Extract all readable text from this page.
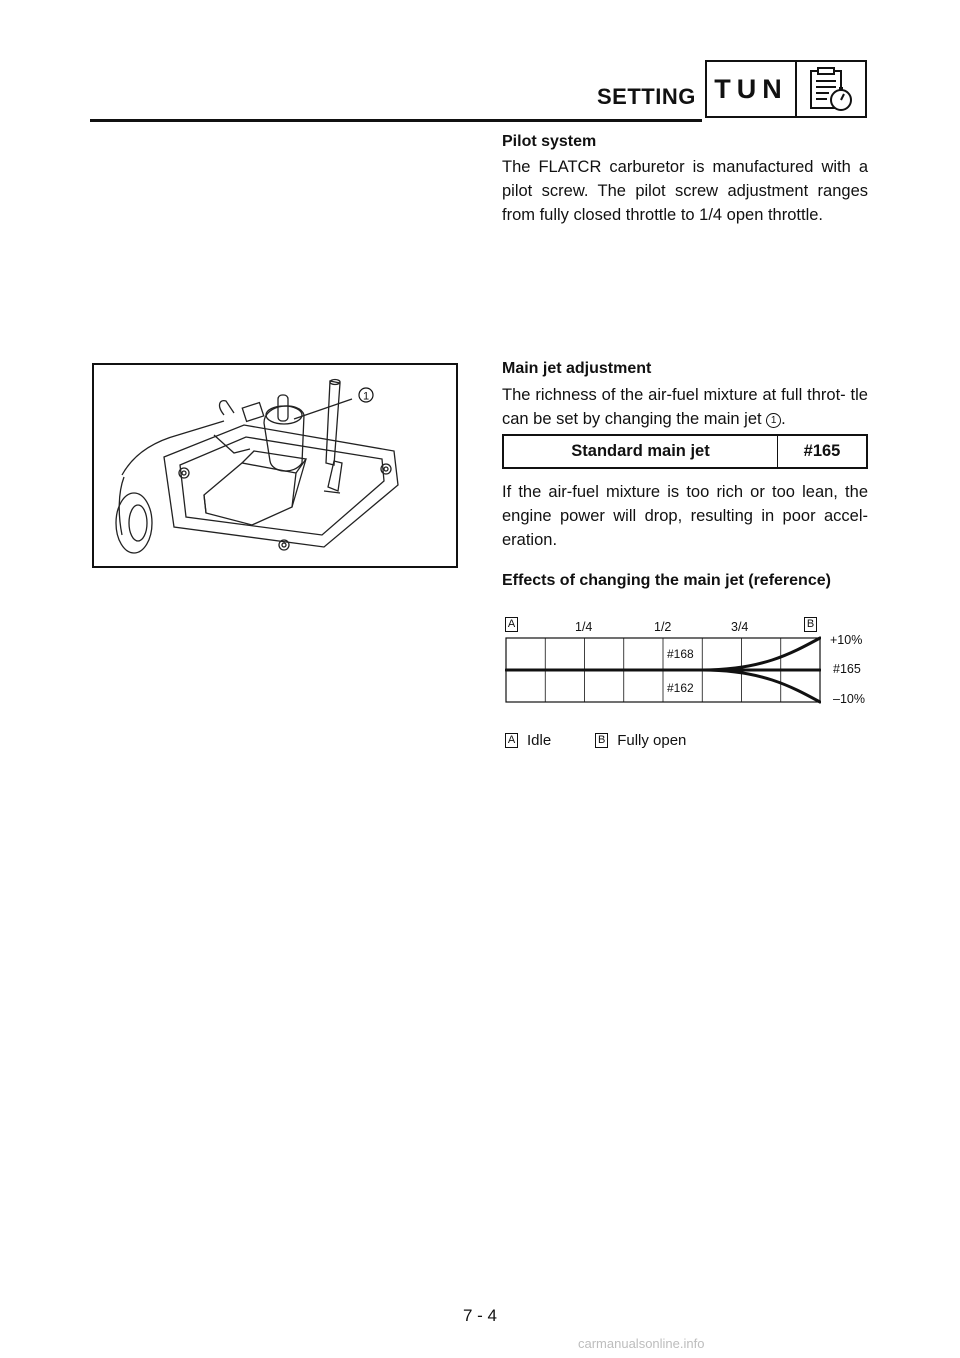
SETTING TUN
Pilot system
The FLATCR carburetor is manufactured with a pilot screw. The pilot screw adjustment ranges from fully closed throttle to 1/4 open throttle.
Main jet adjustment
The richness of the air-fuel mixture at full throt- tle can be set by changing the main jet 1 .
Standard main jet	#165
If the air-fuel mixture is too rich or too lean, the engine power will drop, resulting in poor accel- eration.
Effects of changing the main jet (reference)
1
A	B
1/4	1/2	3/4
+10%
#165
–10%
#168
#162
A Idle	B Fully open
7 - 4
carmanualsonline.info
